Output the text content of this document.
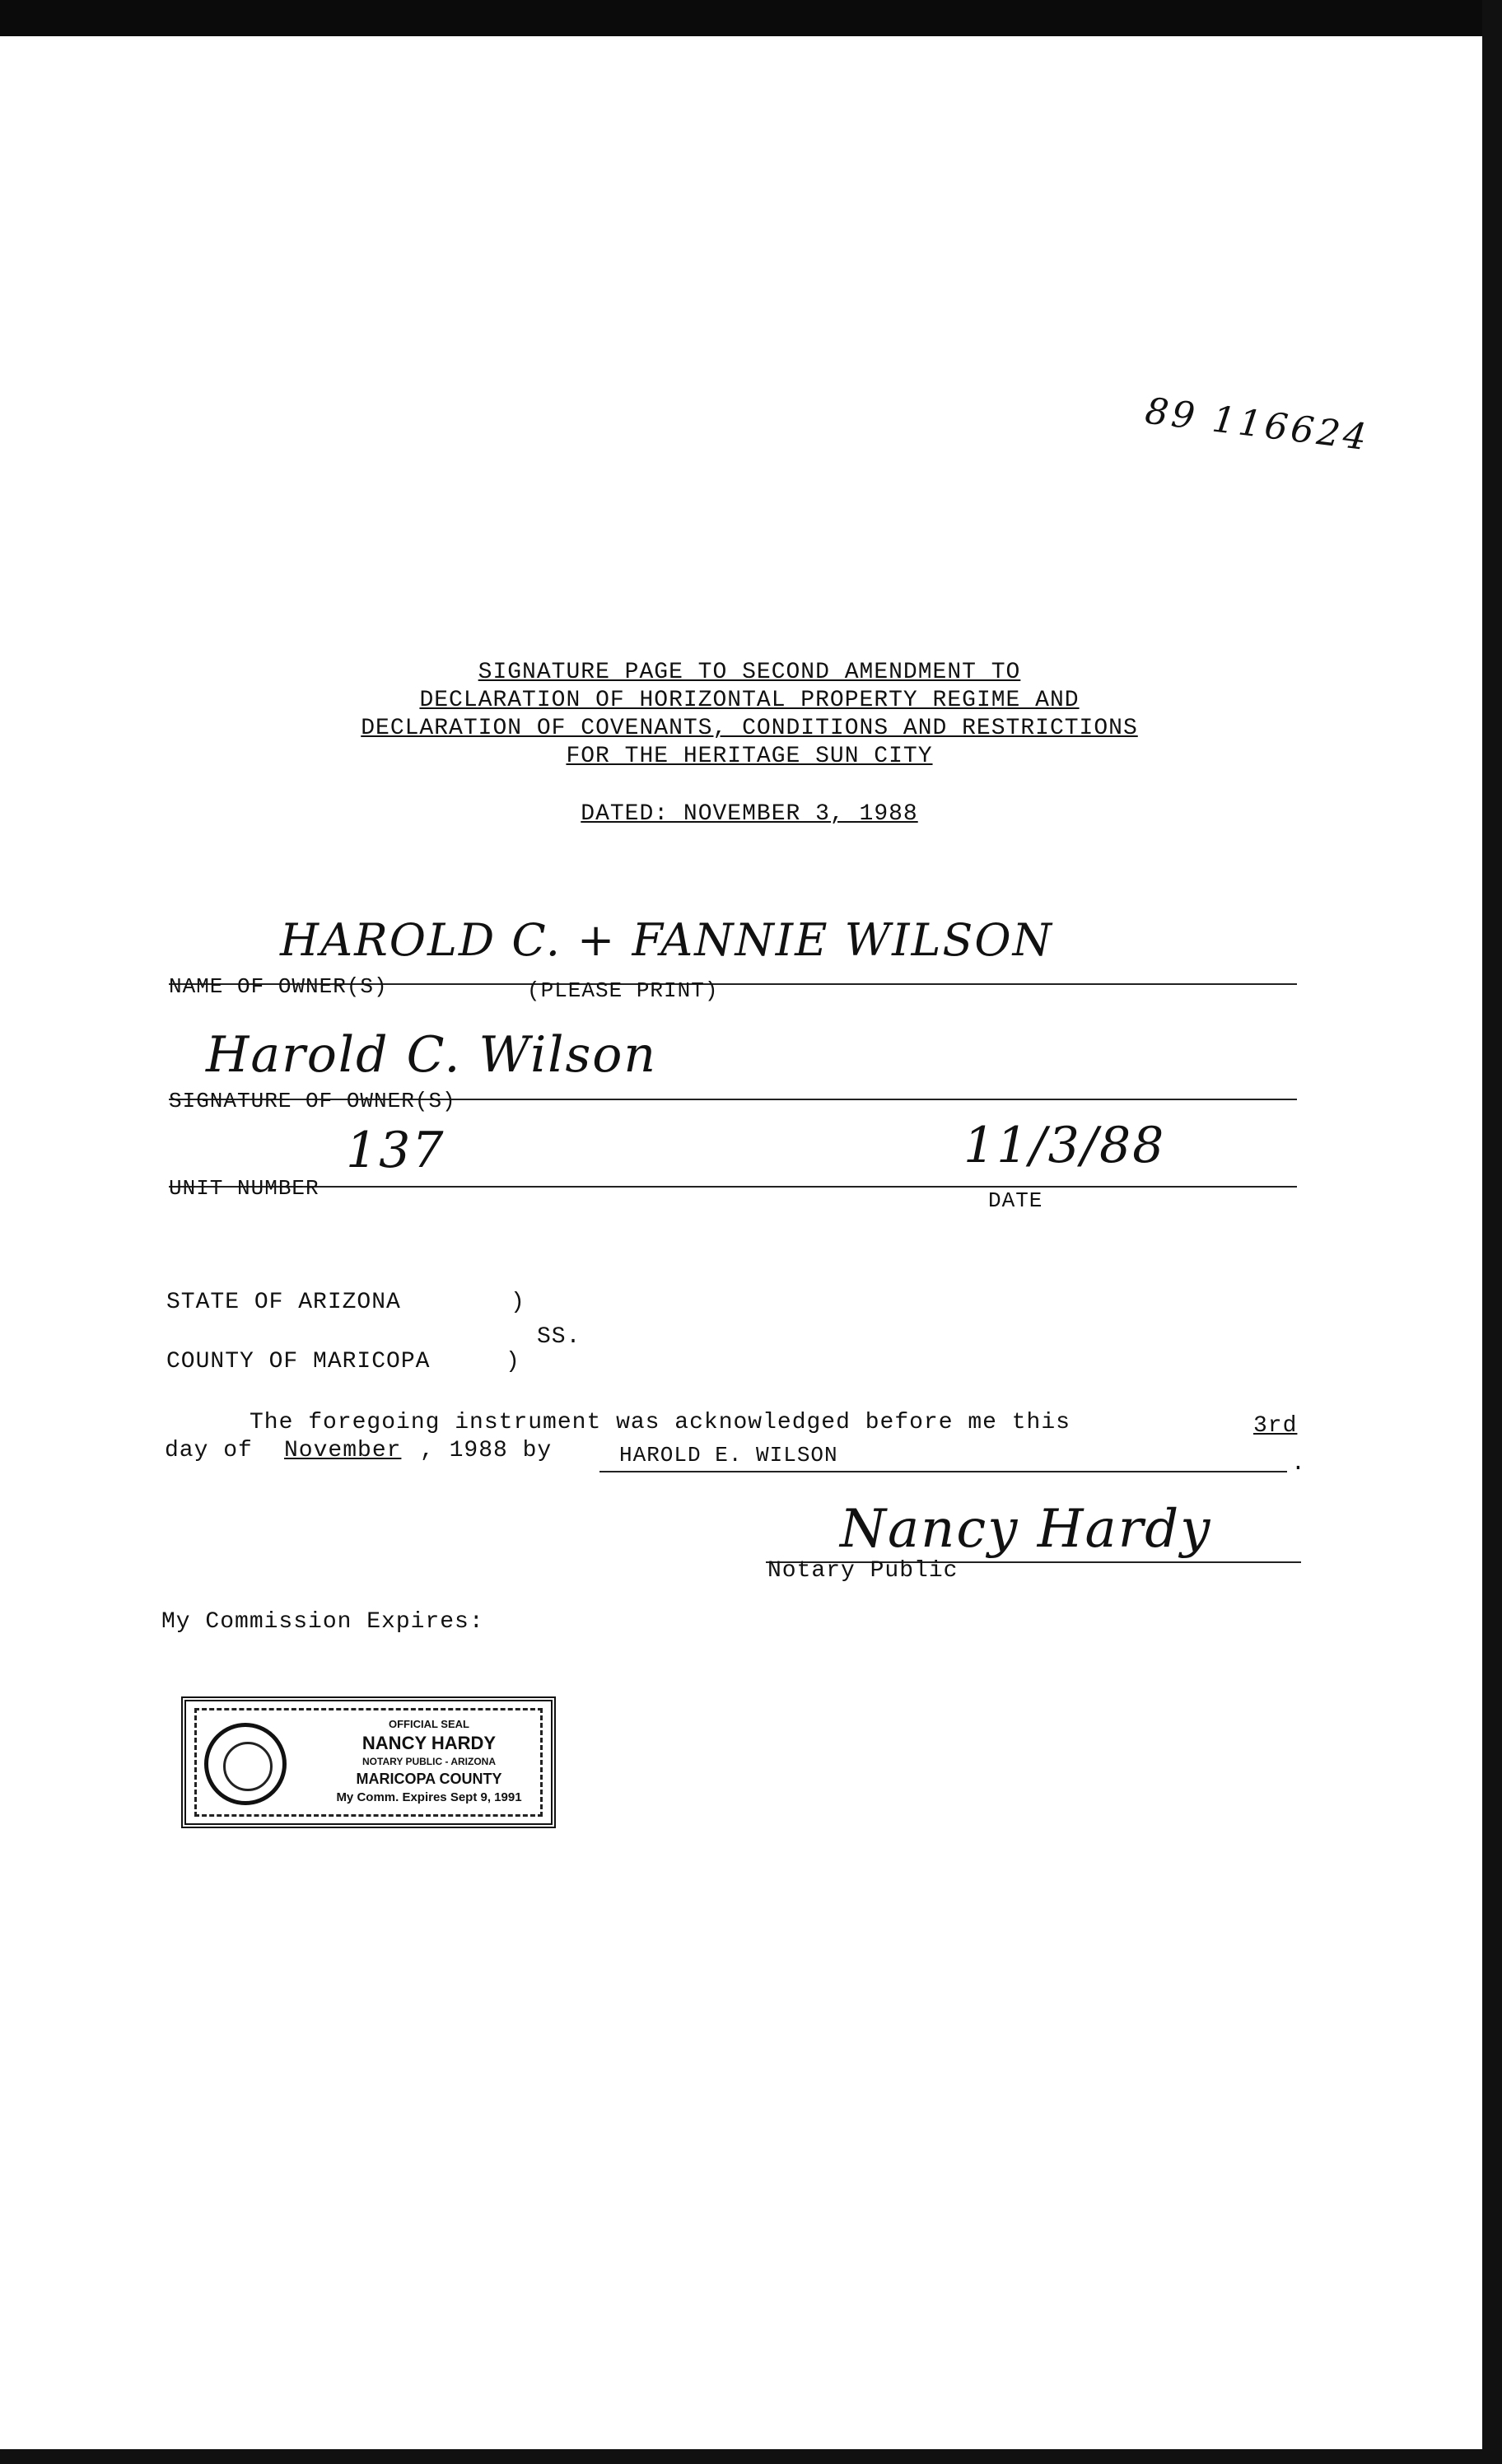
89 116624
SIGNATURE PAGE TO SECOND AMENDMENT TO
DECLARATION OF HORIZONTAL PROPERTY REGIME AND
DECLARATION OF COVENANTS, CONDITIONS AND RESTRICTIONS
FOR THE HERITAGE SUN CITY
DATED: NOVEMBER 3, 1988
HAROLD C. + FANNIE WILSON
NAME OF OWNER(S)	(PLEASE PRINT)
Harold C. Wilson
SIGNATURE OF OWNER(S)
137	11/3/88
UNIT NUMBER	DATE
STATE OF ARIZONA	)
SS.
COUNTY OF MARICOPA	)
The foregoing instrument was acknowledged before me this	3rd
day of November , 1988 by	HAROLD E. WILSON	.
Nancy Hardy
Notary Public
My Commission Expires:
OFFICIAL SEAL
NANCY HARDY
NOTARY PUBLIC - ARIZONA
MARICOPA COUNTY
My Comm. Expires Sept 9, 1991
